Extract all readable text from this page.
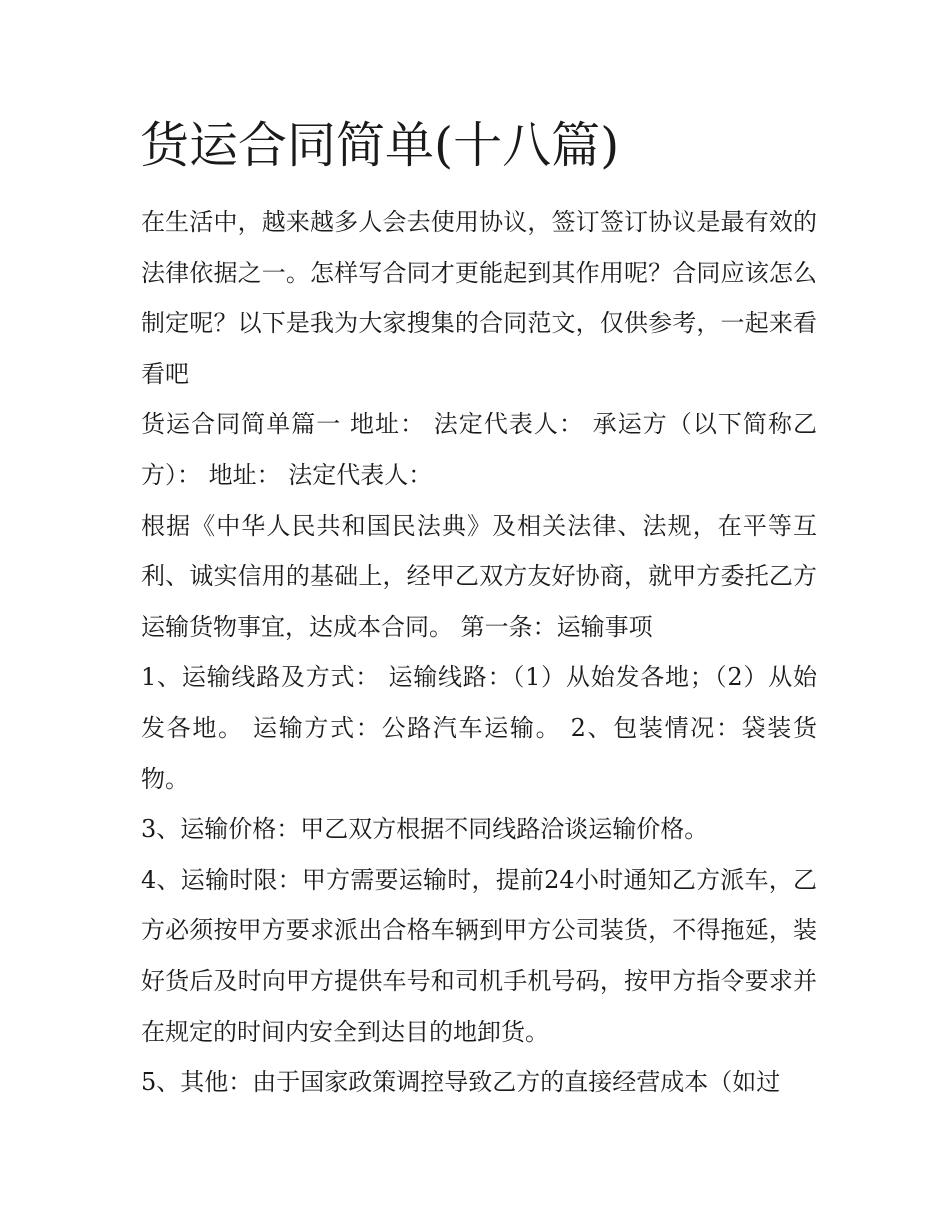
货运合同简单(十八篇)

在生活中，越来越多人会去使用协议，签订签订协议是最有效的法律依据之一。怎样写合同才更能起到其作用呢？合同应该怎么制定呢？以下是我为大家搜集的合同范文，仅供参考，一起来看看吧

货运合同简单篇一 地址： 法定代表人： 承运方（以下简称乙方）： 地址： 法定代表人：

根据《中华人民共和国民法典》及相关法律、法规，在平等互利、诚实信用的基础上，经甲乙双方友好协商，就甲方委托乙方运输货物事宜，达成本合同。 第一条：运输事项

1、运输线路及方式： 运输线路：（1）从始发各地；（2）从始发各地。 运输方式：公路汽车运输。 2、包装情况：袋装货物。

3、运输价格：甲乙双方根据不同线路洽谈运输价格。

4、运输时限：甲方需要运输时，提前24小时通知乙方派车，乙方必须按甲方要求派出合格车辆到甲方公司装货，不得拖延，装好货后及时向甲方提供车号和司机手机号码，按甲方指令要求并在规定的时间内安全到达目的地卸货。

5、其他：由于国家政策调控导致乙方的直接经营成本（如过
